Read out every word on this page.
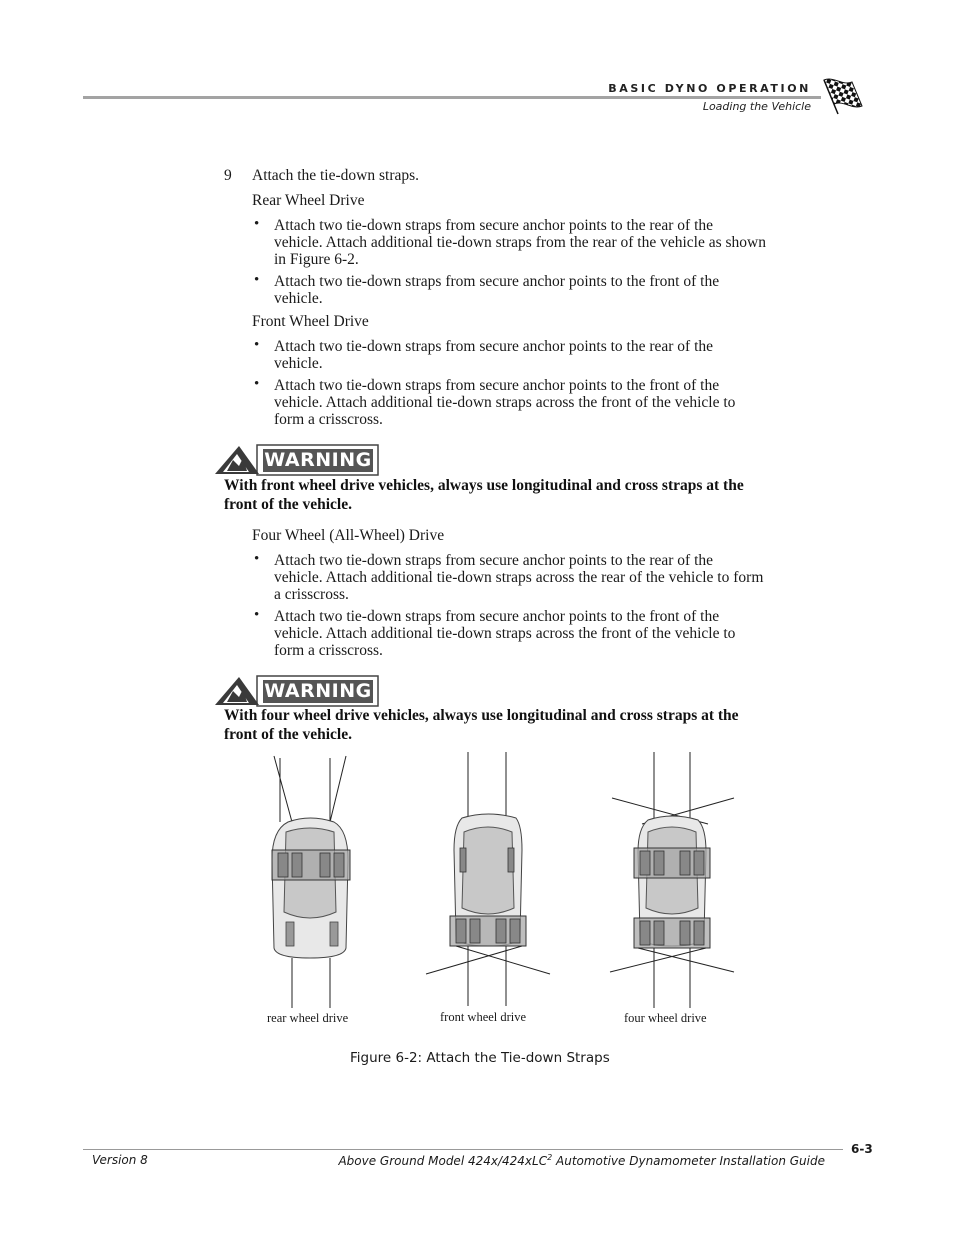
BASIC DYNO OPERATION
Loading the Vehicle
9 Attach the tie-down straps.
Rear Wheel Drive
• Attach two tie-down straps from secure anchor points to the rear of the
vehicle. Attach additional tie-down straps from the rear of the vehicle as shown
in Figure 6-2.
• Attach two tie-down straps from secure anchor points to the front of the
vehicle.
Front Wheel Drive
• Attach two tie-down straps from secure anchor points to the rear of the
vehicle.
• Attach two tie-down straps from secure anchor points to the front of the
vehicle. Attach additional tie-down straps across the front of the vehicle to
form a crisscross.
WARNING
With front wheel drive vehicles, always use longitudinal and cross straps at the
front of the vehicle.
Four Wheel (All-Wheel) Drive
• Attach two tie-down straps from secure anchor points to the rear of the
vehicle. Attach additional tie-down straps across the rear of the vehicle to form
a crisscross.
• Attach two tie-down straps from secure anchor points to the front of the
vehicle. Attach additional tie-down straps across the front of the vehicle to
form a crisscross.
WARNING
With four wheel drive vehicles, always use longitudinal and cross straps at the
front of the vehicle.
rear wheel drive	front wheel drive	four wheel drive
Figure 6-2: Attach the Tie-down Straps
6-3
Version 8	Above Ground Model 424x/424xLC$^2$ Automotive Dynamometer Installation Guide
